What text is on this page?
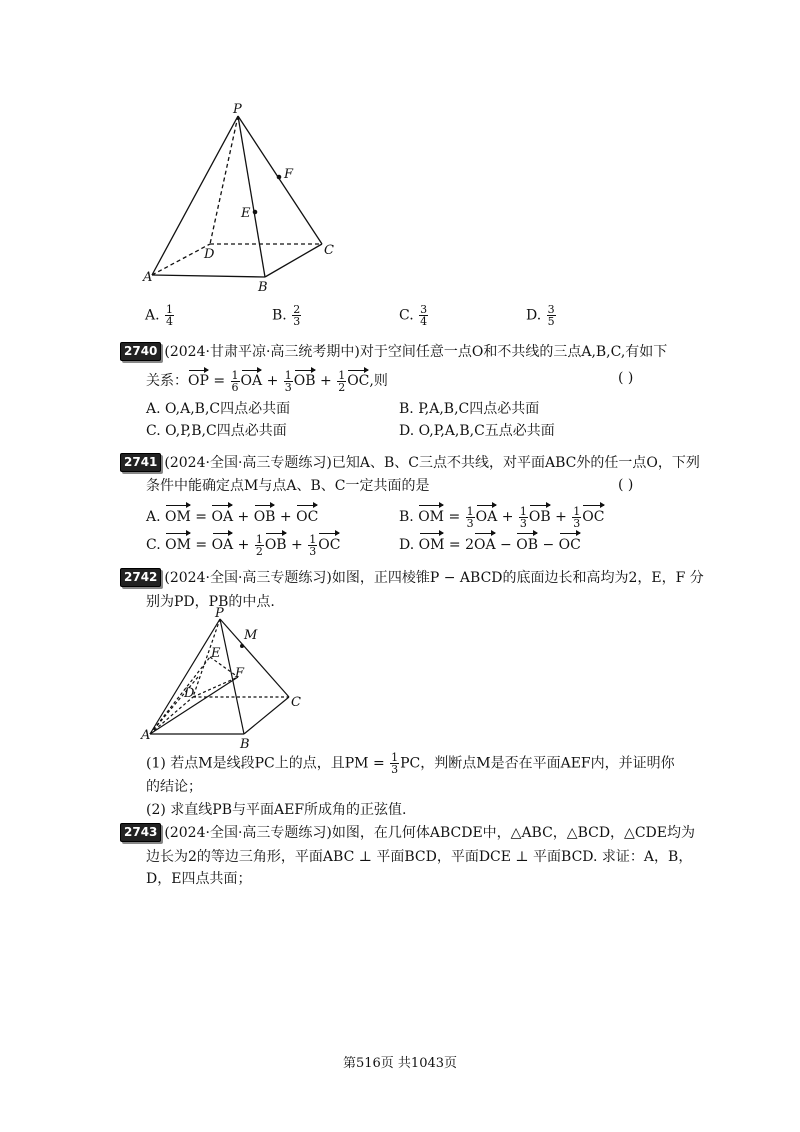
P
F
E
D	C
A
B
A. $\frac{1}{4}$	B. $\frac{2}{3}$	C. $\frac{3}{4}$	D. $\frac{3}{5}$
2740 (2024·甘肃平凉·高三统考期中)对于空间任意一点O和不共线的三点A,B,C,有如下
关系：OP = $\frac{1}{6}$ OA + $\frac{1}{3}$ OB + $\frac{1}{2}$ OC,则	( )
A. O,A,B,C四点必共面	B. P,A,B,C四点必共面
C. O,P,B,C四点必共面	D. O,P,A,B,C五点必共面
2741 (2024·全国·高三专题练习)已知A、B、C三点不共线，对平面ABC外的任一点O，下列
条件中能确定点M与点A、B、C一定共面的是	( )
A. OM = OA + OB + OC	B. OM = $\frac{1}{3}$ OA + $\frac{1}{3}$ OB + $\frac{1}{3}$ OC
C. OM = OA + $\frac{1}{2}$ OB + $\frac{1}{3}$ OC	D. OM = 2OA − OB − OC
2742 (2024·全国·高三专题练习)如图，正四棱锥P − ABCD的底面边长和高均为2，E，F 分
别为PD，PB的中点.
P
M
E
F
D
C
A
B
(1) 若点M是线段PC上的点，且PM = $\frac{1}{3}$ PC，判断点M是否在平面AEF内，并证明你
的结论；
(2) 求直线PB与平面AEF所成角的正弦值.
2743 (2024·全国·高三专题练习)如图，在几何体ABCDE中，△ABC，△BCD，△CDE均为
边长为2的等边三角形，平面ABC ⊥ 平面BCD，平面DCE ⊥ 平面BCD. 求证：A，B，
D，E四点共面；
第516页 共1043页
